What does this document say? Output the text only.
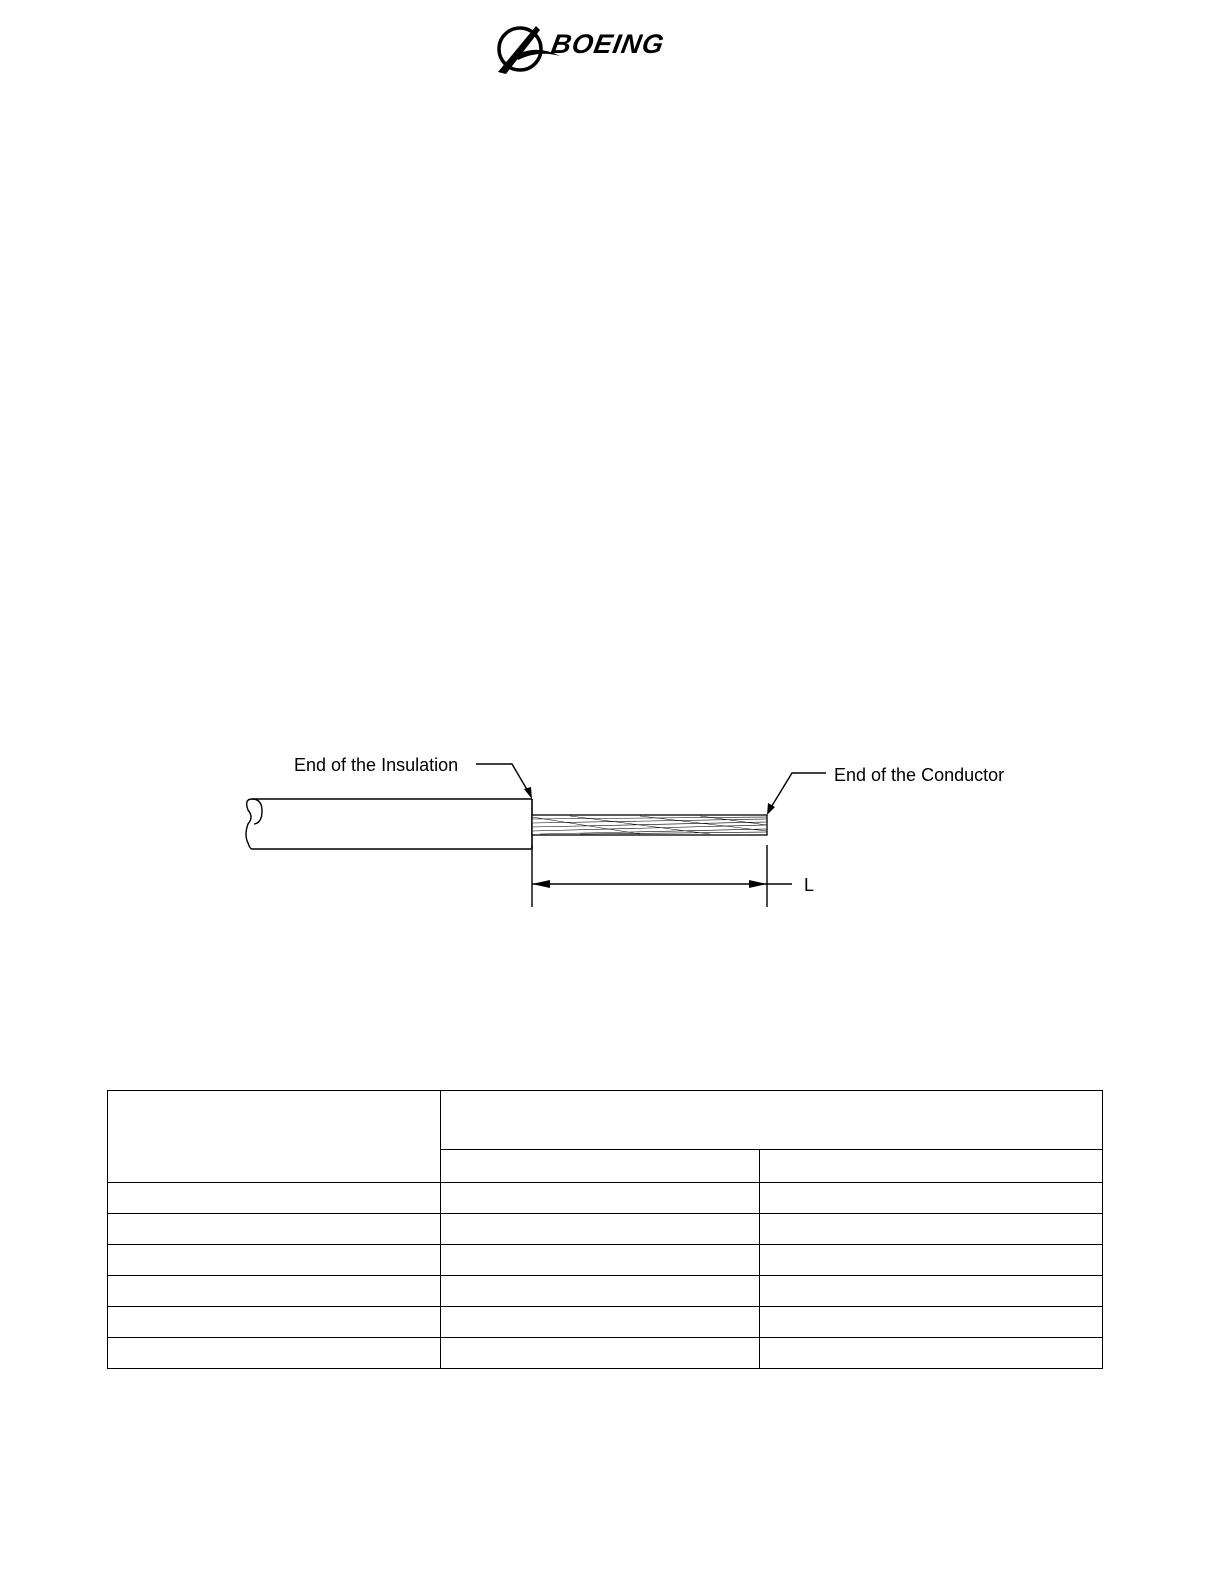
BOEING
End of the Insulation	End of the Conductor
L
